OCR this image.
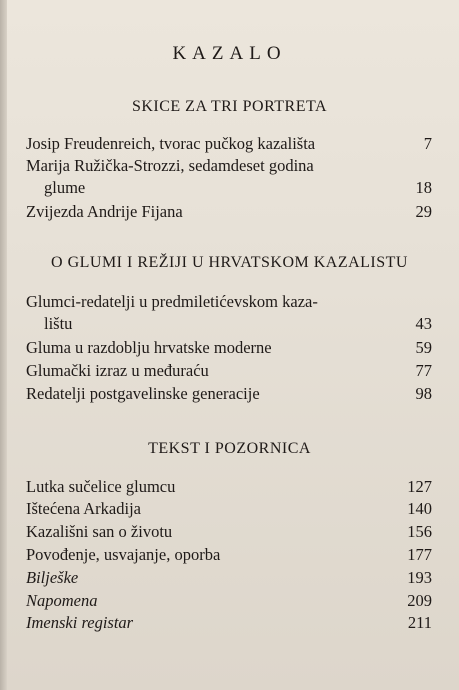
KAZALO
SKICE ZA TRI PORTRETA
Josip Freudenreich, tvorac pučkog kazališta	7
Marija Ružička-Strozzi, sedamdeset godina
glume	18
Zvijezda Andrije Fijana	29
O GLUMI I REŽIJI U HRVATSKOM KAZALISTU
Glumci-redatelji u predmiletićevskom kaza-
lištu	43
Gluma u razdoblju hrvatske moderne	59
Glumački izraz u međuraću	77
Redatelji postgavelinske generacije	98
TEKST I POZORNICA
Lutka sučelice glumcu	127
Ištećena Arkadija	140
Kazališni san o životu	156
Povođenje, usvajanje, oporba	177
Bilješke	193
Napomena	209
Imenski registar	211
